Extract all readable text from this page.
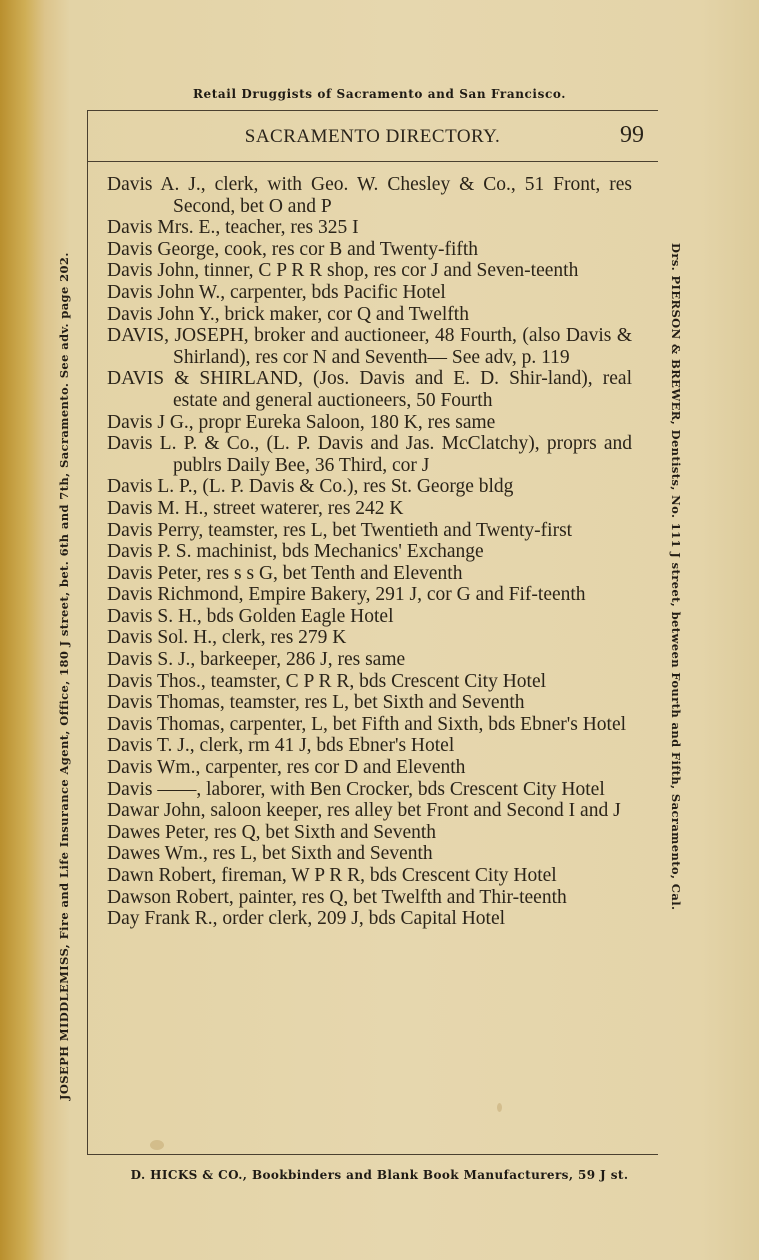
Retail Druggists of Sacramento and San Francisco.
SACRAMENTO DIRECTORY.	99

Davis A. J., clerk, with Geo. W. Chesley & Co., 51 Front, res Second, bet O and P

Davis Mrs. E., teacher, res 325 I

Davis George, cook, res cor B and Twenty-fifth

Davis John, tinner, C P R R shop, res cor J and Seven-teenth

Davis John W., carpenter, bds Pacific Hotel

Davis John Y., brick maker, cor Q and Twelfth

DAVIS, JOSEPH, broker and auctioneer, 48 Fourth, (also Davis & Shirland), res cor N and Seventh— See adv, p. 119

DAVIS & SHIRLAND, (Jos. Davis and E. D. Shir-land), real estate and general auctioneers, 50 Fourth

Davis J G., propr Eureka Saloon, 180 K, res same

Davis L. P. & Co., (L. P. Davis and Jas. McClatchy), proprs and publrs Daily Bee, 36 Third, cor J

Davis L. P., (L. P. Davis & Co.), res St. George bldg

Davis M. H., street waterer, res 242 K

Davis Perry, teamster, res L, bet Twentieth and Twenty-first

Davis P. S. machinist, bds Mechanics' Exchange

Davis Peter, res s s G, bet Tenth and Eleventh

Davis Richmond, Empire Bakery, 291 J, cor G and Fif-teenth

Davis S. H., bds Golden Eagle Hotel

Davis Sol. H., clerk, res 279 K

Davis S. J., barkeeper, 286 J, res same

Davis Thos., teamster, C P R R, bds Crescent City Hotel

Davis Thomas, teamster, res L, bet Sixth and Seventh

Davis Thomas, carpenter, L, bet Fifth and Sixth, bds Ebner's Hotel

Davis T. J., clerk, rm 41 J, bds Ebner's Hotel

Davis Wm., carpenter, res cor D and Eleventh

Davis ——, laborer, with Ben Crocker, bds Crescent City Hotel

Dawar John, saloon keeper, res alley bet Front and Second I and J

Dawes Peter, res Q, bet Sixth and Seventh

Dawes Wm., res L, bet Sixth and Seventh

Dawn Robert, fireman, W P R R, bds Crescent City Hotel

Dawson Robert, painter, res Q, bet Twelfth and Thir-teenth

Day Frank R., order clerk, 209 J, bds Capital Hotel

JOSEPH MIDDLEMISS, Fire and Life Insurance Agent, Office, 180 J street, bet. 6th and 7th, Sacramento. See adv. page 202.	Drs. PIERSON & BREWER, Dentists, No. 111 J street, between Fourth and Fifth, Sacramento, Cal.
D. HICKS & CO., Bookbinders and Blank Book Manufacturers, 59 J st.
